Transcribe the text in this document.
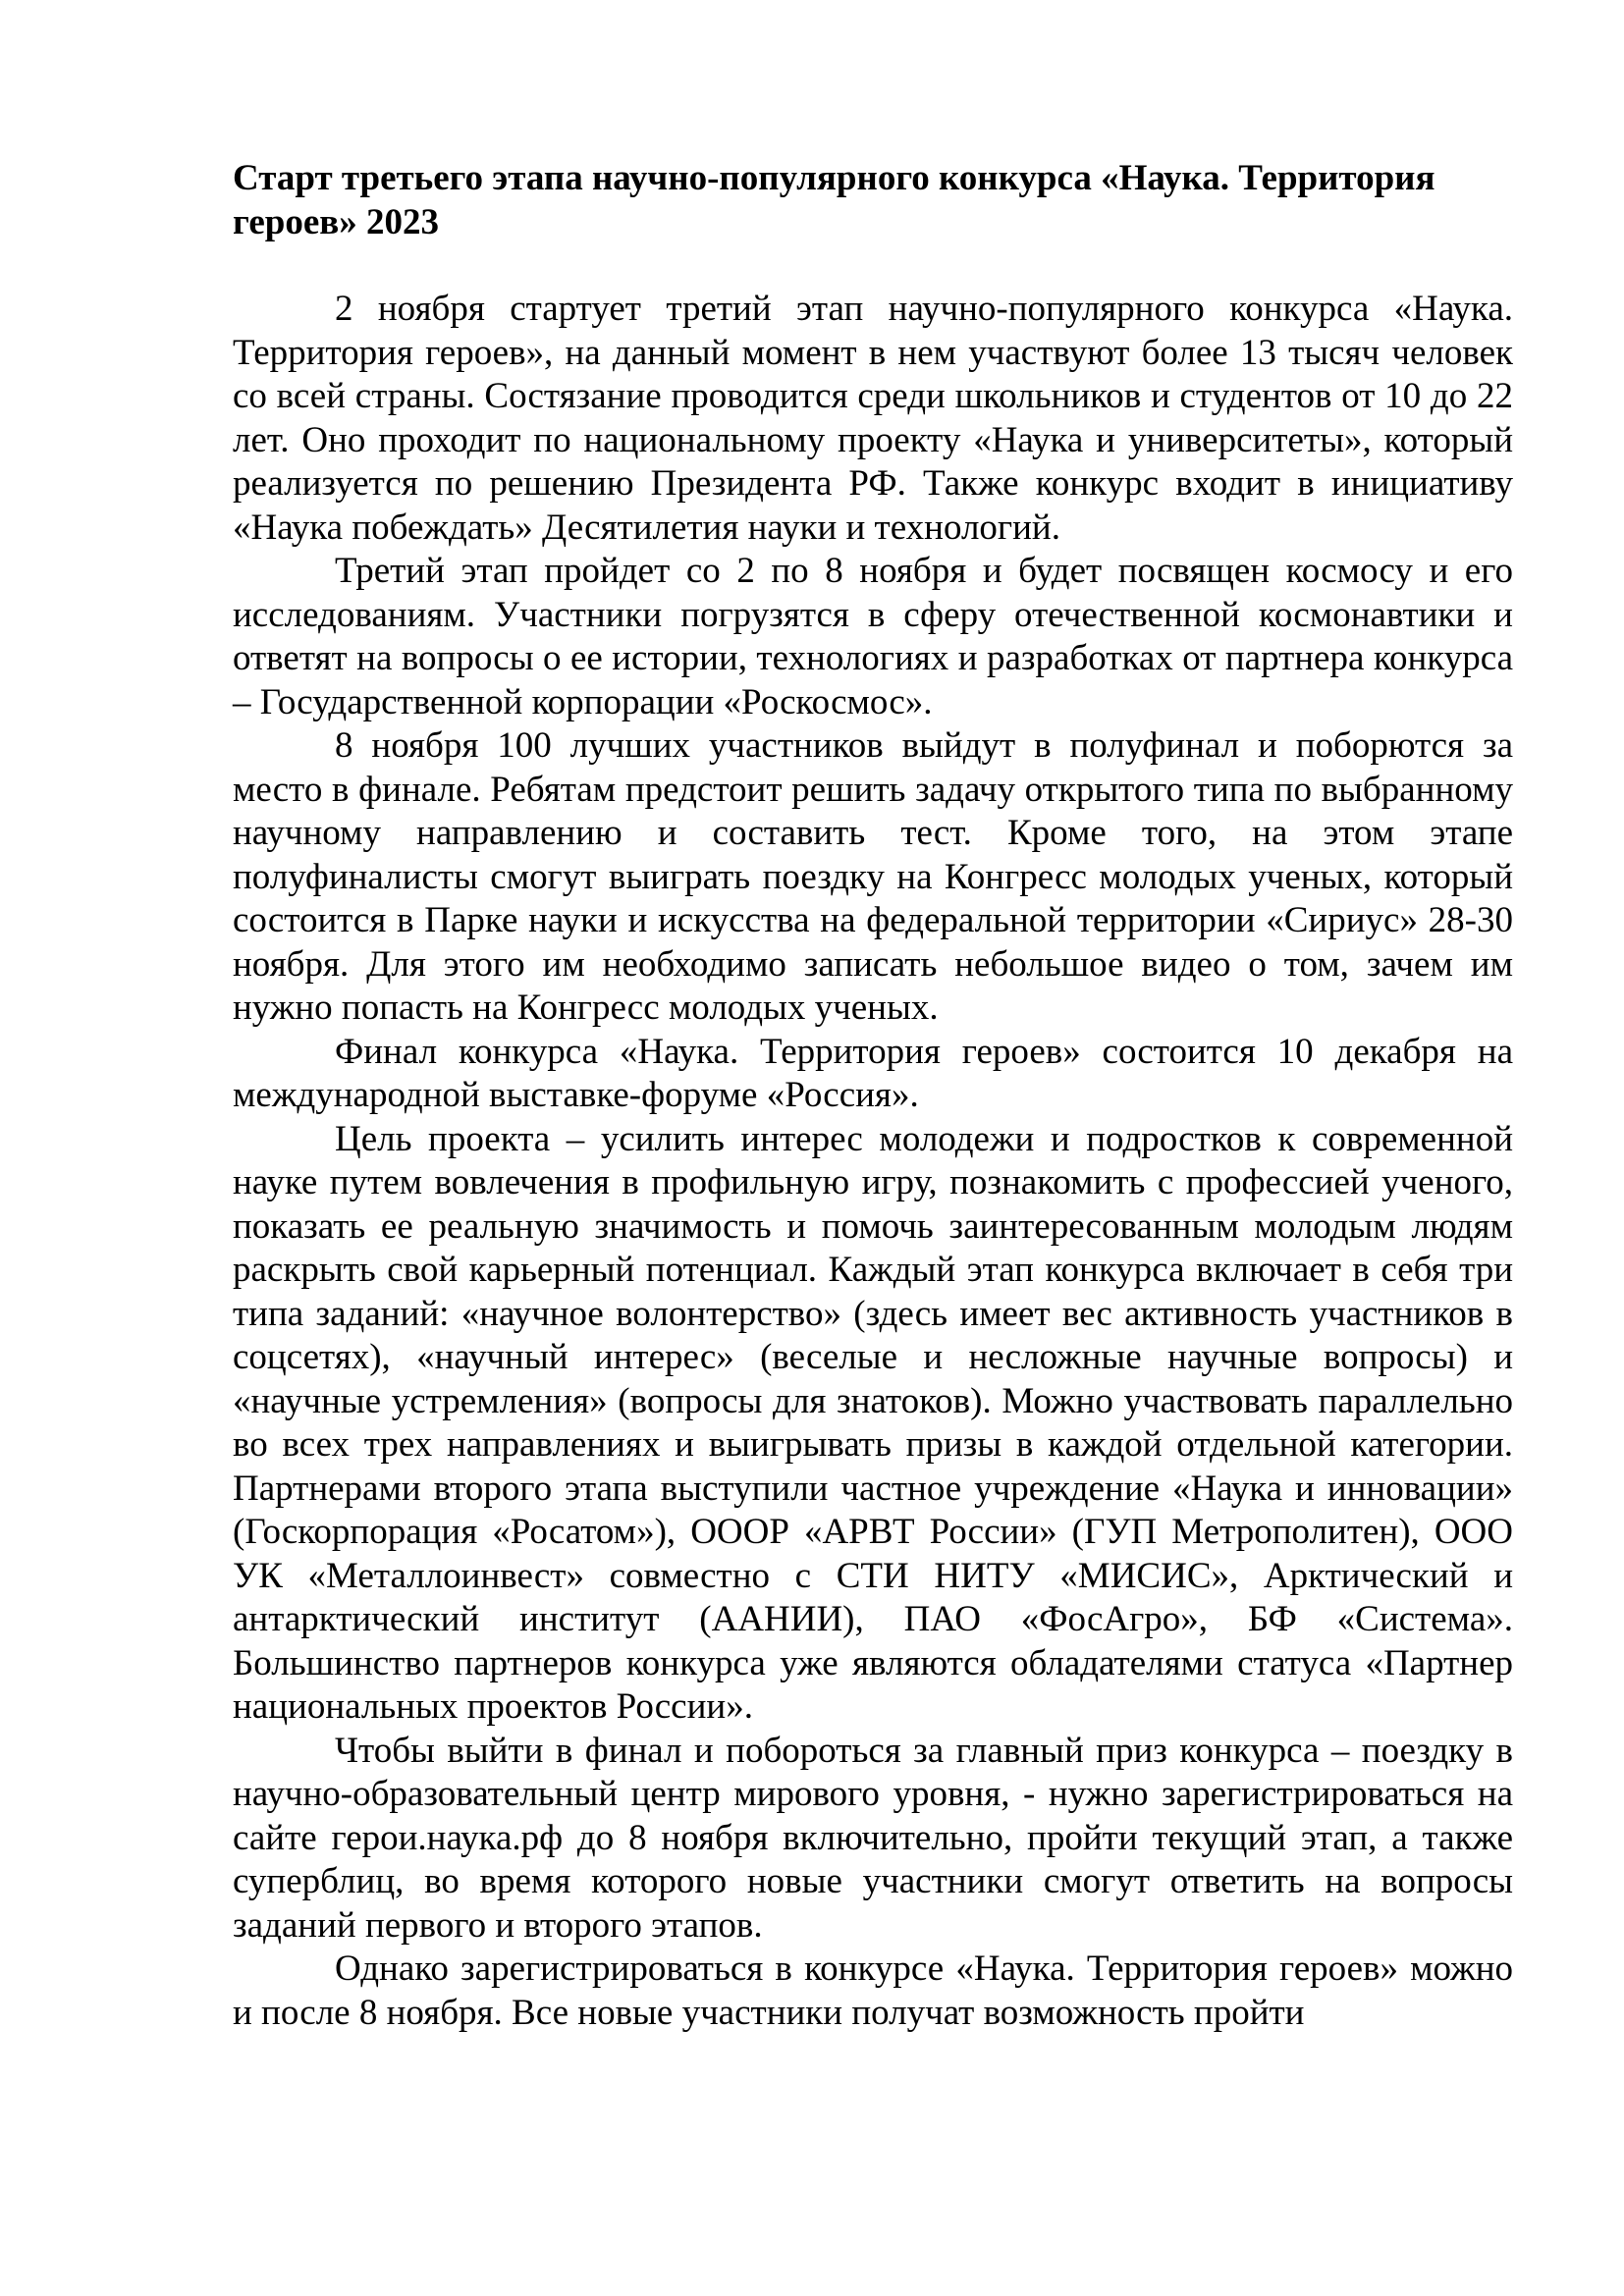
Старт третьего этапа научно-популярного конкурса «Наука. Территория героев» 2023

2 ноября стартует третий этап научно-популярного конкурса «Наука. Территория героев», на данный момент в нем участвуют более 13 тысяч человек со всей страны. Состязание проводится среди школьников и студентов от 10 до 22 лет. Оно проходит по национальному проекту «Наука и университеты», который реализуется по решению Президента РФ. Также конкурс входит в инициативу «Наука побеждать» Десятилетия науки и технологий.

Третий этап пройдет со 2 по 8 ноября и будет посвящен космосу и его исследованиям. Участники погрузятся в сферу отечественной космонавтики и ответят на вопросы о ее истории, технологиях и разработках от партнера конкурса – Государственной корпорации «Роскосмос».

8 ноября 100 лучших участников выйдут в полуфинал и поборются за место в финале. Ребятам предстоит решить задачу открытого типа по выбранному научному направлению и составить тест. Кроме того, на этом этапе полуфиналисты смогут выиграть поездку на Конгресс молодых ученых, который состоится в Парке науки и искусства на федеральной территории «Сириус» 28-30 ноября. Для этого им необходимо записать небольшое видео о том, зачем им нужно попасть на Конгресс молодых ученых.

Финал конкурса «Наука. Территория героев» состоится 10 декабря на международной выставке-форуме «Россия».

Цель проекта – усилить интерес молодежи и подростков к современной науке путем вовлечения в профильную игру, познакомить с профессией ученого, показать ее реальную значимость и помочь заинтересованным молодым людям раскрыть свой карьерный потенциал. Каждый этап конкурса включает в себя три типа заданий: «научное волонтерство» (здесь имеет вес активность участников в соцсетях), «научный интерес» (веселые и несложные научные вопросы) и «научные устремления» (вопросы для знатоков). Можно участвовать параллельно во всех трех направлениях и выигрывать призы в каждой отдельной категории. Партнерами второго этапа выступили частное учреждение «Наука и инновации» (Госкорпорация «Росатом»), ОООР «АРВТ России» (ГУП Метрополитен), ООО УК «Металлоинвест» совместно с СТИ НИТУ «МИСИС», Арктический и антарктический институт (ААНИИ), ПАО «ФосАгро», БФ «Система». Большинство партнеров конкурса уже являются обладателями статуса «Партнер национальных проектов России».

Чтобы выйти в финал и побороться за главный приз конкурса – поездку в научно-образовательный центр мирового уровня, - нужно зарегистрироваться на сайте герои.наука.рф до 8 ноября включительно, пройти текущий этап, а также суперблиц, во время которого новые участники смогут ответить на вопросы заданий первого и второго этапов.

Однако зарегистрироваться в конкурсе «Наука. Территория героев» можно и после 8 ноября. Все новые участники получат возможность пройти
